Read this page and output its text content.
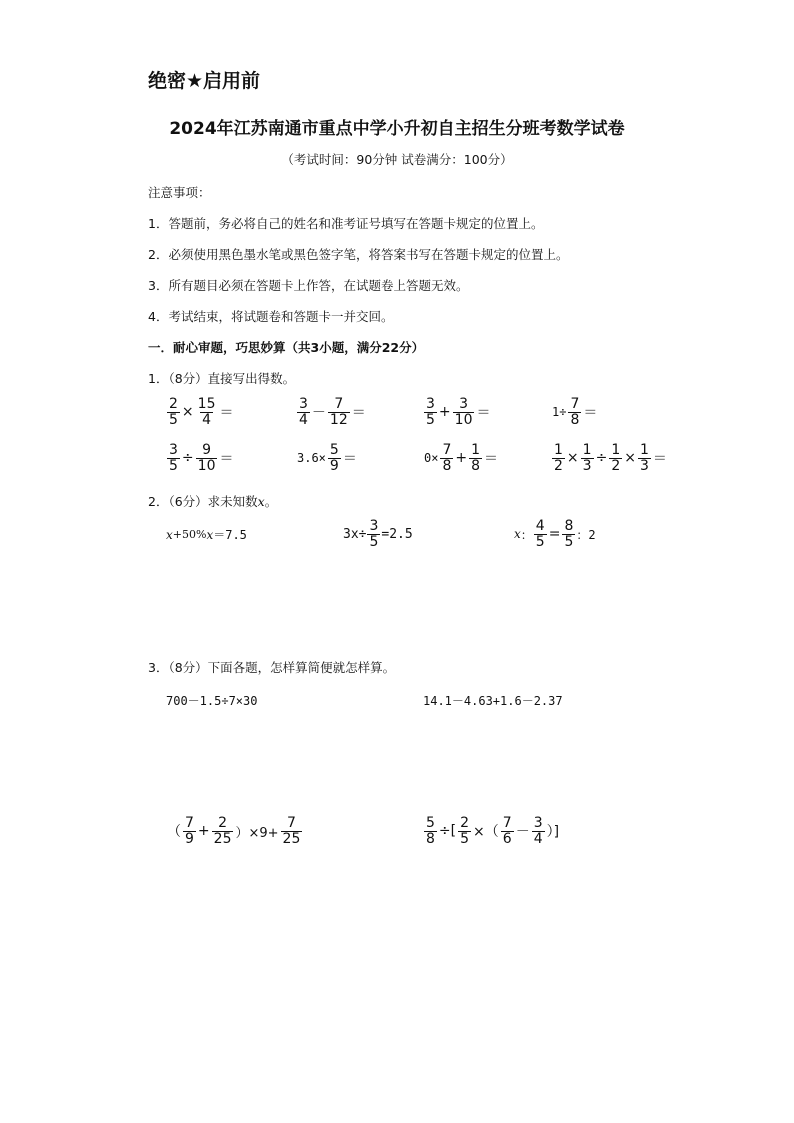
绝密★启用前
2024年江苏南通市重点中学小升初自主招生分班考数学试卷
（考试时间：90分钟 试卷满分：100分）
注意事项：
1．答题前，务必将自己的姓名和准考证号填写在答题卡规定的位置上。
2．必须使用黑色墨水笔或黑色签字笔，将答案书写在答题卡规定的位置上。
3．所有题目必须在答题卡上作答，在试题卷上答题无效。
4．考试结束，将试题卷和答题卡一并交回。
一．耐心审题，巧思妙算（共3小题，满分22分）
1．（8分）直接写出得数。
$\frac{2}{5} \times \frac{15}{4}$ ＝	$\frac{3}{4} - \frac{7}{12}$ ＝	$\frac{3}{5} + \frac{3}{10}$ ＝	$1\div \frac{7}{8}$ ＝
$\frac{3}{5} \div \frac{9}{10}$ ＝	$3.6\times \frac{5}{9}$ ＝	$0\times \frac{7}{8} + \frac{1}{8}$ ＝	$\frac{1}{2} \times \frac{1}{3} \div \frac{1}{2} \times \frac{1}{3}$ ＝
2．（6分）求未知数x。
x +50% x ＝7.5	$3x\div \frac{3}{5} =2.5$	x ： $\frac{4}{5} = \frac{8}{5}$ ：2
3．（8分）下面各题，怎样算简便就怎样算。
700－1.5÷7×30	14.1－4.63+1.6－2.37
（ $\frac{7}{9} + \frac{2}{25} )\times 9+ \frac{7}{25}$	$\frac{5}{8}$ ÷[ $\frac{2}{5}$ ×（ $\frac{7}{6} - \frac{3}{4}$ ）]
